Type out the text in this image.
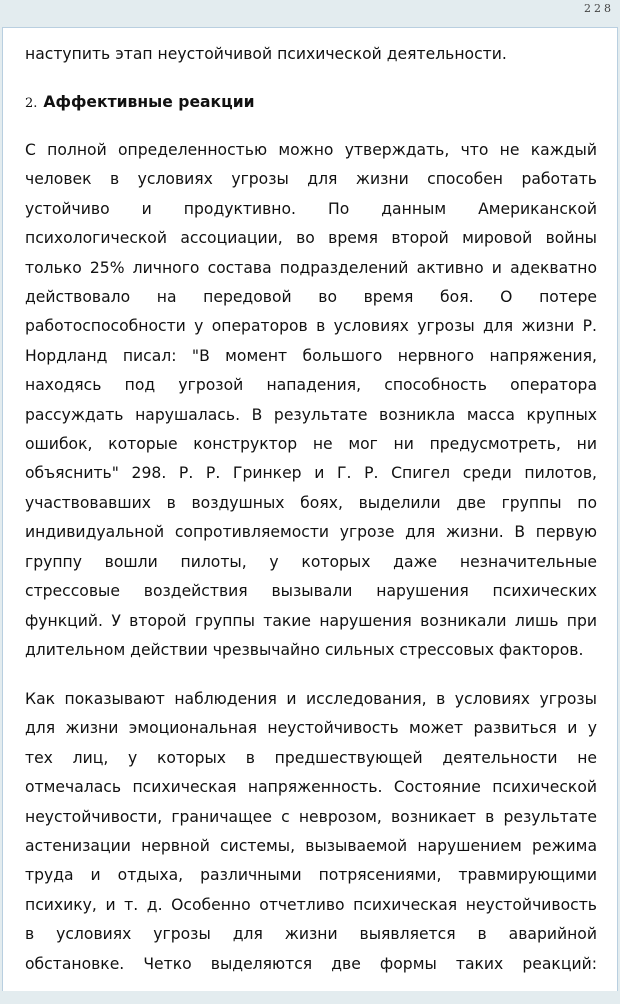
228
наступить этап неустойчивой психической деятельности.
2. Аффективные реакции
С полной определенностью можно утверждать, что не каждый
человек в условиях угрозы для жизни способен работать
устойчиво и продуктивно. По данным Американской
психологической ассоциации, во время второй мировой войны
только 25% личного состава подразделений активно и адекватно
действовало на передовой во время боя. О потере
работоспособности у операторов в условиях угрозы для жизни Р.
Нордланд писал: "В момент большого нервного напряжения,
находясь под угрозой нападения, способность оператора
рассуждать нарушалась. В результате возникла масса крупных
ошибок, которые конструктор не мог ни предусмотреть, ни
объяснить" 298. Р. Р. Гринкер и Г. Р. Спигел среди пилотов,
участвовавших в воздушных боях, выделили две группы по
индивидуальной сопротивляемости угрозе для жизни. В первую
группу вошли пилоты, у которых даже незначительные
стрессовые воздействия вызывали нарушения психических
функций. У второй группы такие нарушения возникали лишь при
длительном действии чрезвычайно сильных стрессовых факторов.
Как показывают наблюдения и исследования, в условиях угрозы
для жизни эмоциональная неустойчивость может развиться и у
тех лиц, у которых в предшествующей деятельности не
отмечалась психическая напряженность. Состояние психической
неустойчивости, граничащее с неврозом, возникает в результате
астенизации нервной системы, вызываемой нарушением режима
труда и отдыха, различными потрясениями, травмирующими
психику, и т. д. Особенно отчетливо психическая неустойчивость
в условиях угрозы для жизни выявляется в аварийной
обстановке. Четко выделяются две формы таких реакций:
